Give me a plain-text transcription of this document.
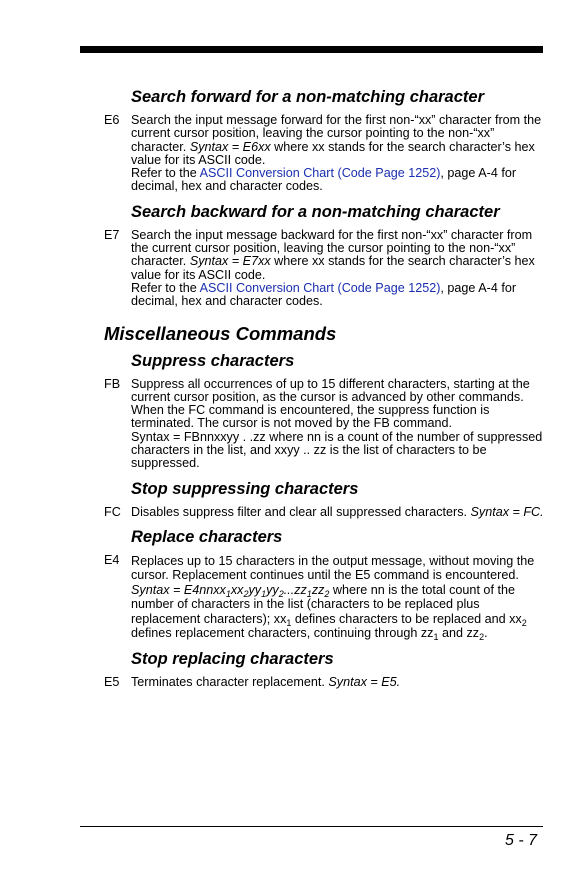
Search forward for a non-matching character
E6 Search the input message forward for the first non-“xx” character from the current cursor position, leaving the cursor pointing to the non-“xx” character. Syntax = E6xx where xx stands for the search character’s hex value for its ASCII code.

Refer to the ASCII Conversion Chart (Code Page 1252), page A-4 for decimal, hex and character codes.

Search backward for a non-matching character
E7 Search the input message backward for the first non-“xx” character from the current cursor position, leaving the cursor pointing to the non-“xx” character. Syntax = E7xx where xx stands for the search character’s hex value for its ASCII code.

Refer to the ASCII Conversion Chart (Code Page 1252), page A-4 for decimal, hex and character codes.

Miscellaneous Commands
Suppress characters
FB Suppress all occurrences of up to 15 different characters, starting at the current cursor position, as the cursor is advanced by other commands. When the FC command is encountered, the suppress function is terminated. The cursor is not moved by the FB command.

Syntax = FBnnxxyy . .zz where nn is a count of the number of suppressed characters in the list, and xxyy .. zz is the list of characters to be suppressed.

Stop suppressing characters
FC Disables suppress filter and clear all suppressed characters. Syntax = FC.

Replace characters
E4 Replaces up to 15 characters in the output message, without moving the cursor. Replacement continues until the E5 command is encountered. Syntax = $E4nnxx_1xx_2yy_1yy_2...zz_1zz_2$ where nn is the total count of the number of characters in the list (characters to be replaced plus replacement characters); $xx_1$ defines characters to be replaced and $xx_2$ defines replacement characters, continuing through $zz_1$ and $zz_2$.

Stop replacing characters
E5 Terminates character replacement. Syntax = E5.

5 - 7
